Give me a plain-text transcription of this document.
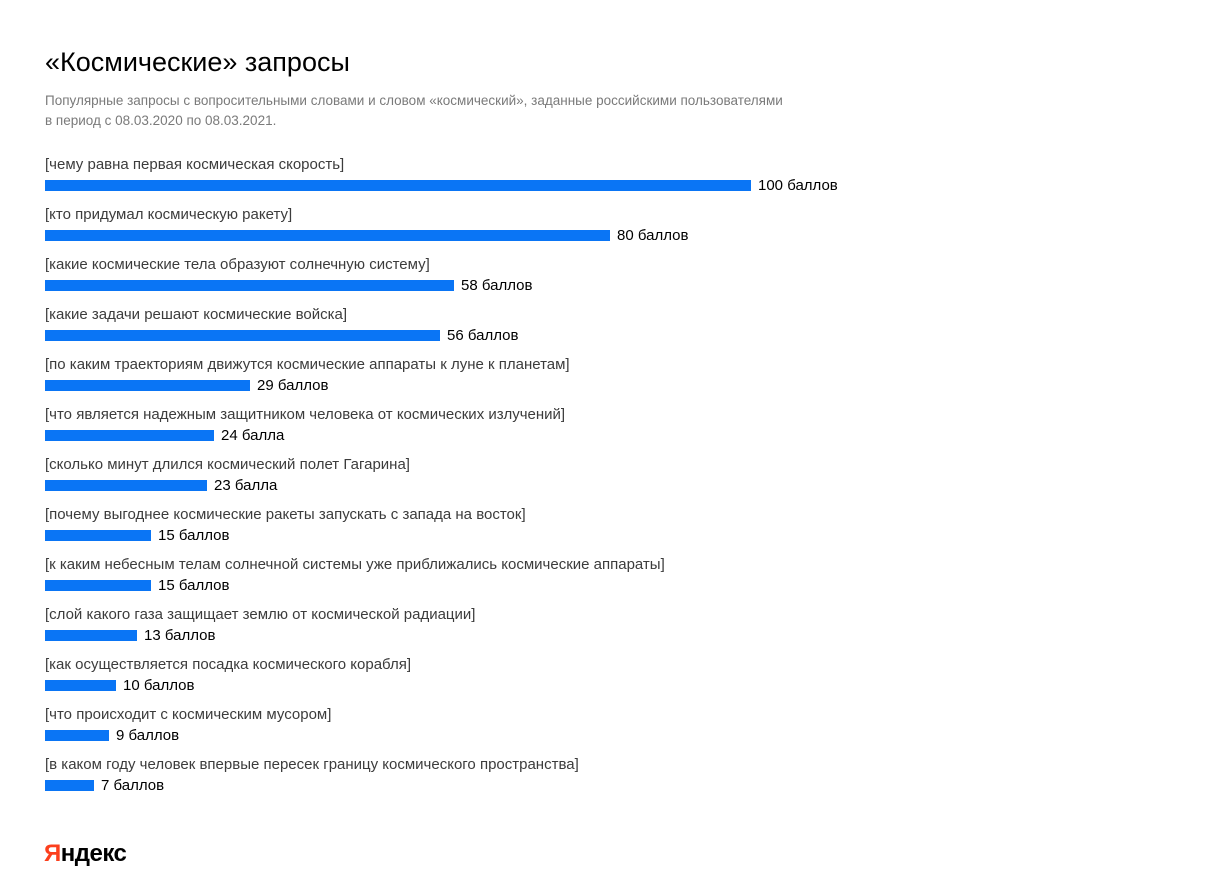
«Космические» запросы
Популярные запросы с вопросительными словами и словом «космический», заданные российскими пользователями
в период с 08.03.2020 по 08.03.2021.
[чему равна первая космическая скорость]
100 баллов
[кто придумал космическую ракету]
80 баллов
[какие космические тела образуют солнечную систему]
58 баллов
[какие задачи решают космические войска]
56 баллов
[по каким траекториям движутся космические аппараты к луне к планетам]
29 баллов
[что является надежным защитником человека от космических излучений]
24 балла
[сколько минут длился космический полет Гагарина]
23 балла
[почему выгоднее космические ракеты запускать с запада на восток]
15 баллов
[к каким небесным телам солнечной системы уже приближались космические аппараты]
15 баллов
[слой какого газа защищает землю от космической радиации]
13 баллов
[как осуществляется посадка космического корабля]
10 баллов
[что происходит с космическим мусором]
9 баллов
[в каком году человек впервые пересек границу космического пространства]
7 баллов
Яндекс
